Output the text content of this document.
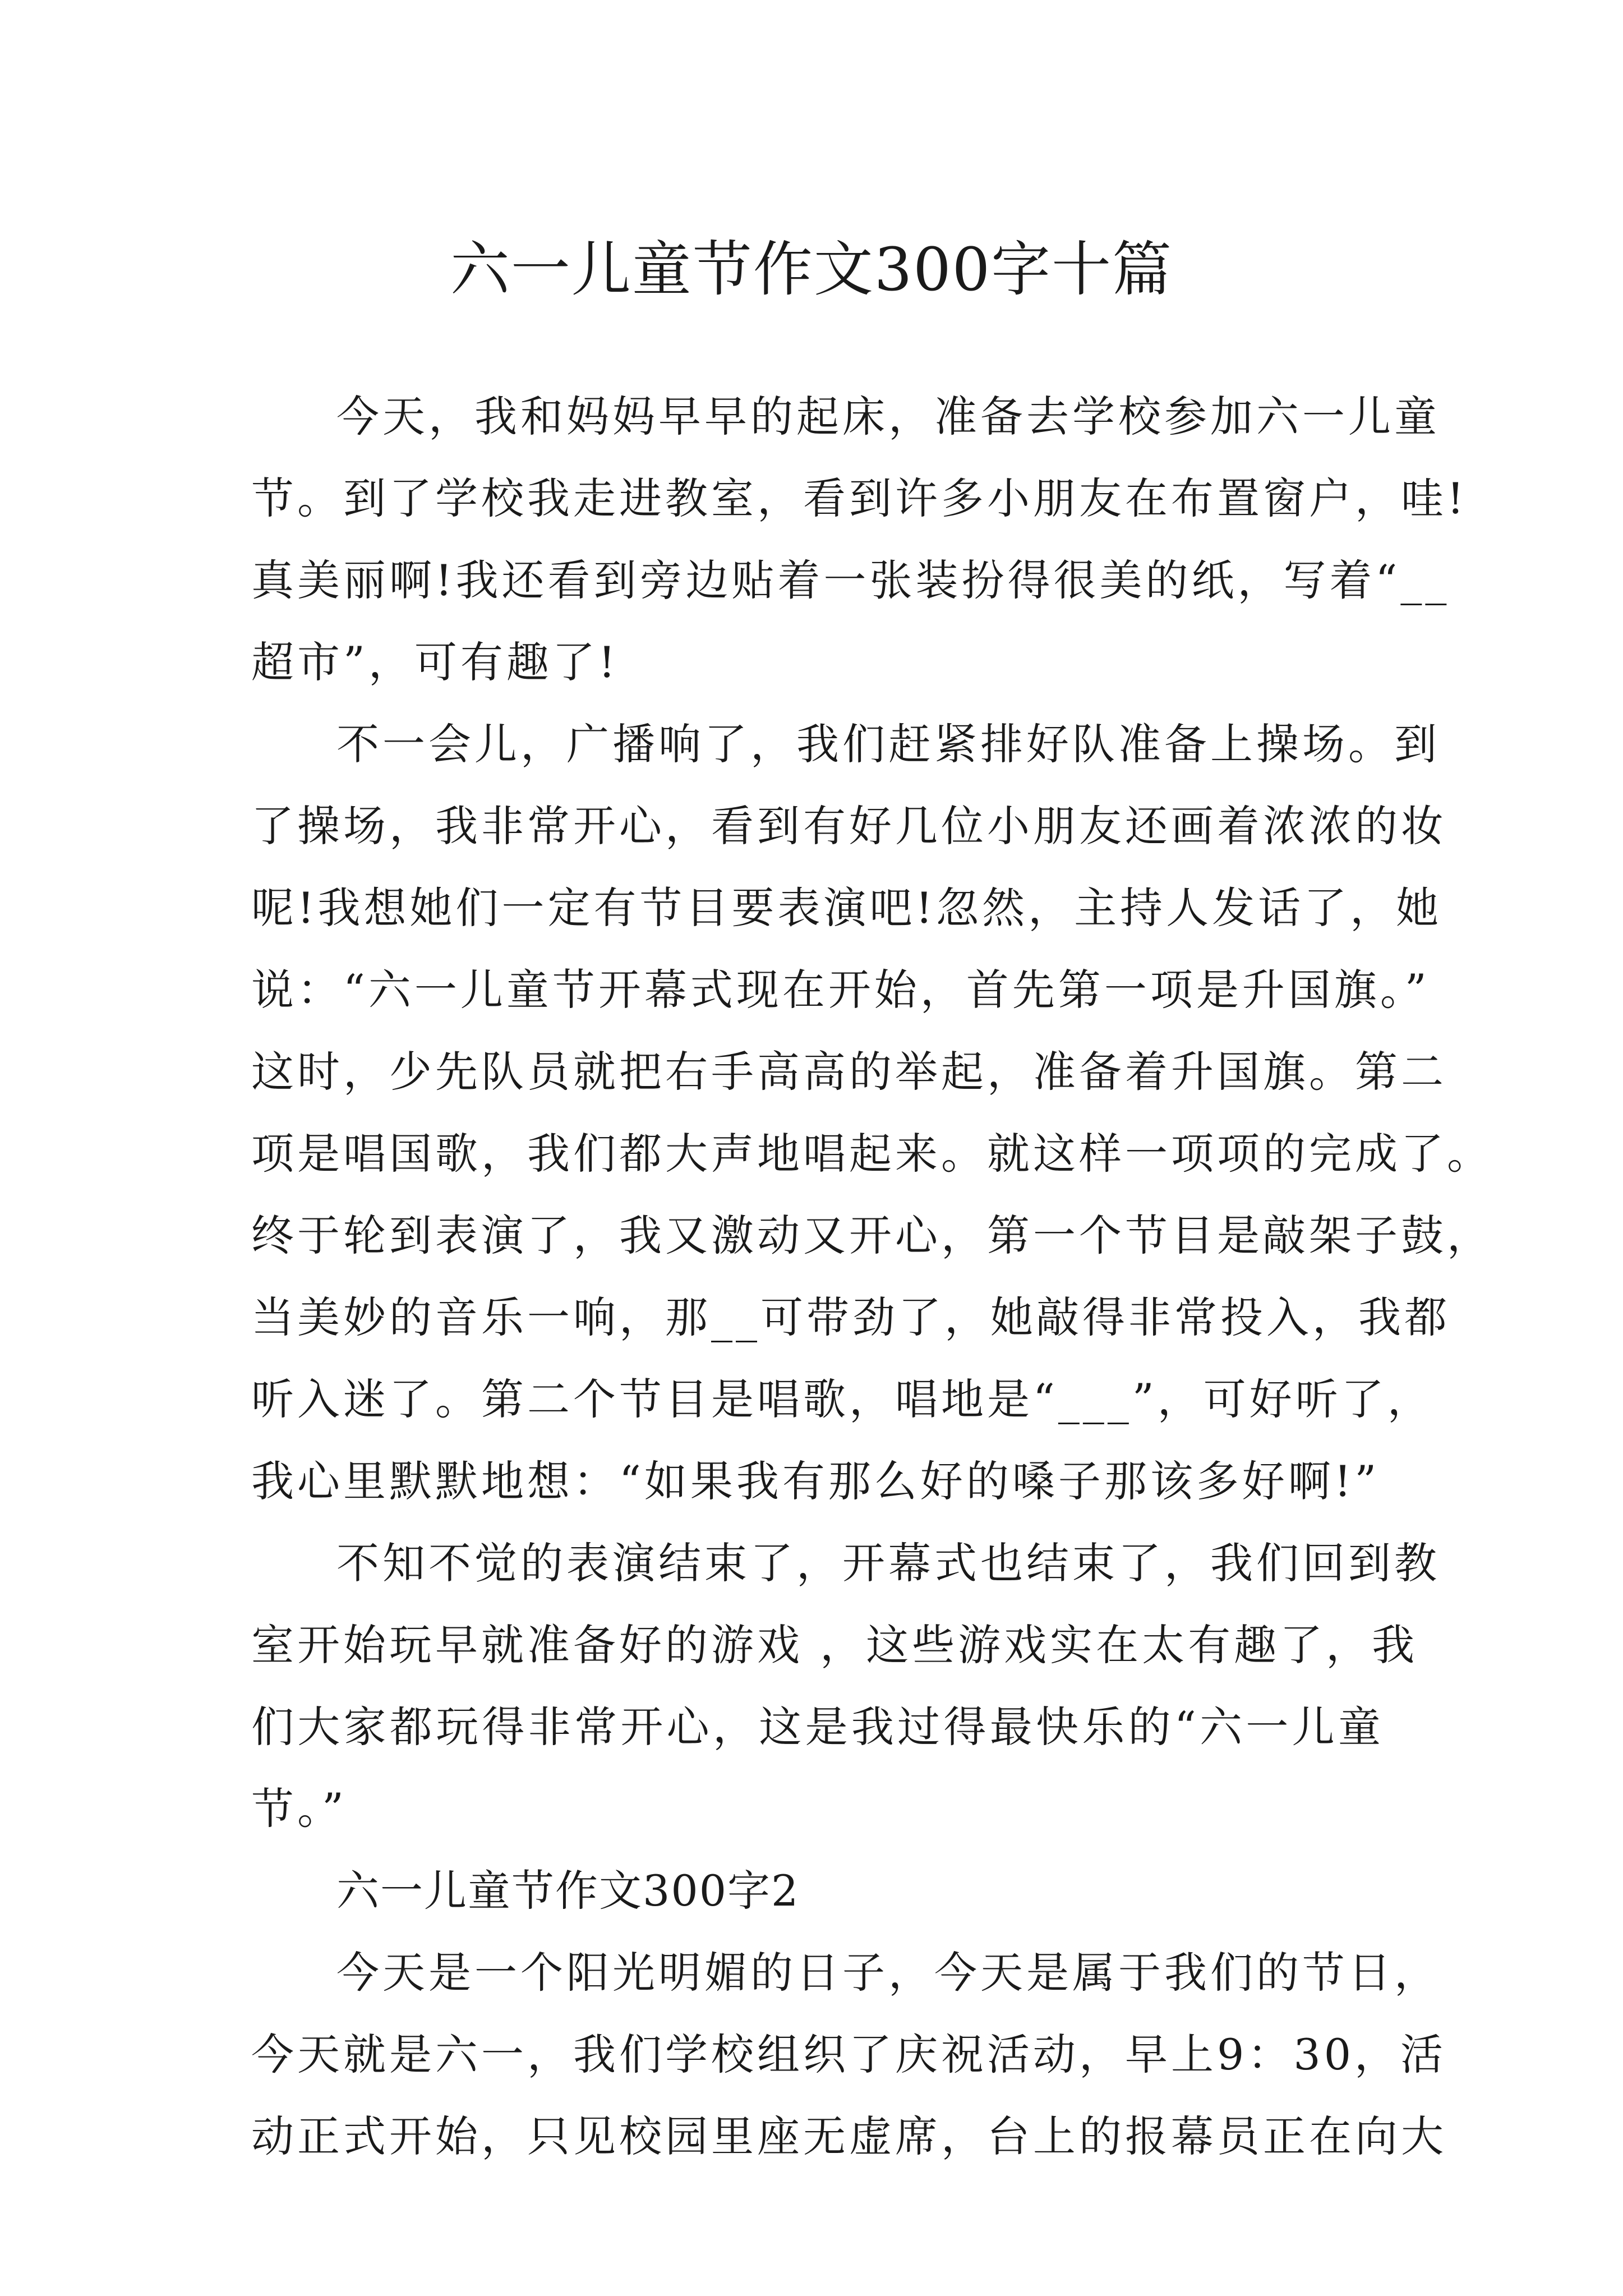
六一儿童节作文300字十篇
今天，我和妈妈早早的起床，准备去学校参加六一儿童
节。到了学校我走进教室，看到许多小朋友在布置窗户，哇!
真美丽啊!我还看到旁边贴着一张装扮得很美的纸，写着“__
超市”，可有趣了!
不一会儿，广播响了，我们赶紧排好队准备上操场。到
了操场，我非常开心，看到有好几位小朋友还画着浓浓的妆
呢!我想她们一定有节目要表演吧!忽然，主持人发话了，她
说：“六一儿童节开幕式现在开始，首先第一项是升国旗。”
这时，少先队员就把右手高高的举起，准备着升国旗。第二
项是唱国歌，我们都大声地唱起来。就这样一项项的完成了。
终于轮到表演了，我又激动又开心，第一个节目是敲架子鼓，
当美妙的音乐一响，那__可带劲了，她敲得非常投入，我都
听入迷了。第二个节目是唱歌，唱地是“___”，可好听了，
我心里默默地想：“如果我有那么好的嗓子那该多好啊!”
不知不觉的表演结束了，开幕式也结束了，我们回到教
室开始玩早就准备好的游戏 ，这些游戏实在太有趣了，我
们大家都玩得非常开心，这是我过得最快乐的“六一儿童
节。”
六一儿童节作文300字2
今天是一个阳光明媚的日子，今天是属于我们的节日，
今天就是六一，我们学校组织了庆祝活动，早上9：30，活
动正式开始，只见校园里座无虚席，台上的报幕员正在向大
